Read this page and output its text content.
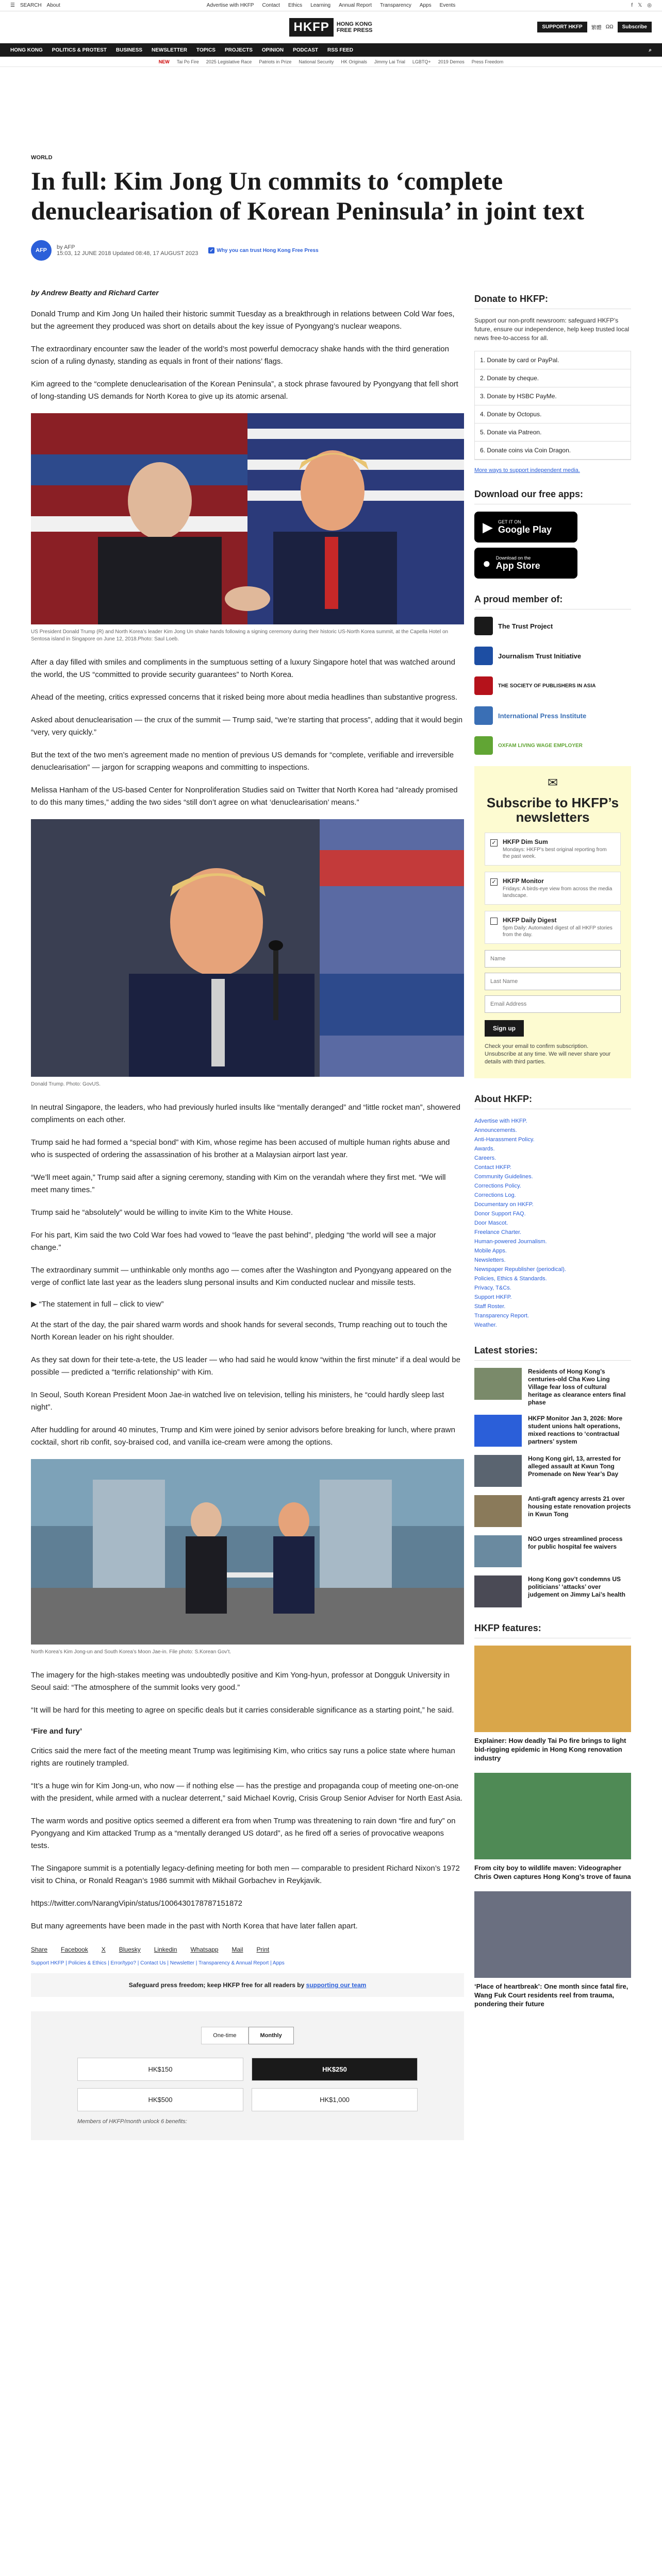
☰ SEARCH About	Advertise with HKFP Contact Ethics Learning Annual Report Transparency Apps Events	f 𝕏 ◎
HKFP	HONG KONG
FREE PRESS
SUPPORT HKFP	繁體 ΩΩ	Subscribe
HONG KONG POLITICS & PROTEST BUSINESS NEWSLETTER TOPICS PROJECTS OPINION PODCAST RSS FEED	⌕
NEW Tai Po Fire 2025 Legislative Race Patriots in Prize National Security HK Originals Jimmy Lai Trial LGBTQ+ 2019 Demos Press Freedom
WORLD
In full: Kim Jong Un commits to ‘complete denuclearisation of Korean Peninsula’ in joint text
AFP	by AFP
15:03, 12 JUNE 2018 Updated 08:48, 17 AUGUST 2023 ✓ Why you can trust Hong Kong Free Press
by Andrew Beatty and Richard Carter

Donald Trump and Kim Jong Un hailed their historic summit Tuesday as a breakthrough in relations between Cold War foes, but the agreement they produced was short on details about the key issue of Pyongyang’s nuclear weapons.

The extraordinary encounter saw the leader of the world’s most powerful democracy shake hands with the third generation scion of a ruling dynasty, standing as equals in front of their nations’ flags.

Kim agreed to the “complete denuclearisation of the Korean Peninsula”, a stock phrase favoured by Pyongyang that fell short of long-standing US demands for North Korea to give up its atomic arsenal.

US President Donald Trump (R) and North Korea’s leader Kim Jong Un shake hands following a signing ceremony during their historic US-North Korea summit, at the Capella Hotel on Sentosa island in Singapore on June 12, 2018.Photo: Saul Loeb.

After a day filled with smiles and compliments in the sumptuous setting of a luxury Singapore hotel that was watched around the world, the US “committed to provide security guarantees” to North Korea.

Ahead of the meeting, critics expressed concerns that it risked being more about media headlines than substantive progress.

Asked about denuclearisation — the crux of the summit — Trump said, “we’re starting that process”, adding that it would begin “very, very quickly.”

But the text of the two men’s agreement made no mention of previous US demands for “complete, verifiable and irreversible denuclearisation” — jargon for scrapping weapons and committing to inspections.

Melissa Hanham of the US-based Center for Nonproliferation Studies said on Twitter that North Korea had “already promised to do this many times,” adding the two sides “still don’t agree on what ‘denuclearisation’ means.”

Donald Trump. Photo: GovUS.

In neutral Singapore, the leaders, who had previously hurled insults like “mentally deranged” and “little rocket man”, showered compliments on each other.

Trump said he had formed a “special bond” with Kim, whose regime has been accused of multiple human rights abuse and who is suspected of ordering the assassination of his brother at a Malaysian airport last year.

“We’ll meet again,” Trump said after a signing ceremony, standing with Kim on the verandah where they first met. “We will meet many times.”

Trump said he “absolutely” would be willing to invite Kim to the White House.

For his part, Kim said the two Cold War foes had vowed to “leave the past behind”, pledging “the world will see a major change.”

The extraordinary summit — unthinkable only months ago — comes after the Washington and Pyongyang appeared on the verge of conflict late last year as the leaders slung personal insults and Kim conducted nuclear and missile tests.

▶ “The statement in full – click to view”

At the start of the day, the pair shared warm words and shook hands for several seconds, Trump reaching out to touch the North Korean leader on his right shoulder.

As they sat down for their tete-a-tete, the US leader — who had said he would know “within the first minute” if a deal would be possible — predicted a “terrific relationship” with Kim.

In Seoul, South Korean President Moon Jae-in watched live on television, telling his ministers, he “could hardly sleep last night”.

After huddling for around 40 minutes, Trump and Kim were joined by senior advisors before breaking for lunch, where prawn cocktail, short rib confit, soy-braised cod, and vanilla ice-cream were among the options.

North Korea’s Kim Jong-un and South Korea’s Moon Jae-in. File photo: S.Korean Gov’t.

The imagery for the high-stakes meeting was undoubtedly positive and Kim Yong-hyun, professor at Dongguk University in Seoul said: “The atmosphere of the summit looks very good.”

“It will be hard for this meeting to agree on specific deals but it carries considerable significance as a starting point,” he said.

‘Fire and fury’

Critics said the mere fact of the meeting meant Trump was legitimising Kim, who critics say runs a police state where human rights are routinely trampled.

“It’s a huge win for Kim Jong-un, who now — if nothing else — has the prestige and propaganda coup of meeting one-on-one with the president, while armed with a nuclear deterrent,” said Michael Kovrig, Crisis Group Senior Adviser for North East Asia.

The warm words and positive optics seemed a different era from when Trump was threatening to rain down “fire and fury” on Pyongyang and Kim attacked Trump as a “mentally deranged US dotard”, as he fired off a series of provocative weapons tests.

The Singapore summit is a potentially legacy-defining meeting for both men — comparable to president Richard Nixon’s 1972 visit to China, or Ronald Reagan’s 1986 summit with Mikhail Gorbachev in Reykjavik.

https://twitter.com/NarangVipin/status/1006430178787151872

But many agreements have been made in the past with North Korea that have later fallen apart.

Share Facebook X Bluesky Linkedin Whatsapp Mail Print
Support HKFP | Policies & Ethics | Error/typo? | Contact Us | Newsletter | Transparency & Annual Report | Apps
Safeguard press freedom; keep HKFP free for all readers by supporting our team
One-time	Monthly
HK$150	HK$250
HK$500	HK$1,000
Members of HKFP/month unlock 6 benefits:
Donate to HKFP:

Support our non-profit newsroom: safeguard HKFP’s future, ensure our independence, help keep trusted local news free-to-access for all.

1. Donate by card or PayPal.
2. Donate by cheque.
3. Donate by HSBC PayMe.
4. Donate by Octopus.
5. Donate via Patreon.
6. Donate coins via Coin Dragon.
More ways to support independent media.
Download our free apps:
▶ GET IT ON
Google Play
● Download on the
App Store
A proud member of:
The Trust Project
Journalism Trust Initiative
THE SOCIETY OF PUBLISHERS IN ASIA
International Press Institute
OXFAM LIVING WAGE EMPLOYER
✉
Subscribe to HKFP’s newsletters
✓ HKFP Dim Sum
Mondays: HKFP’s best original reporting from the past week.
✓ HKFP Monitor
Fridays: A birds-eye view from across the media landscape.
HKFP Daily Digest
5pm Daily: Automated digest of all HKFP stories from the day.
Name
Last Name
Email Address Sign up
Check your email to confirm subscription. Unsubscribe at any time. We will never share your details with third parties.
About HKFP:
Advertise with HKFP.
Announcements.
Anti-Harassment Policy.
Awards.
Careers.
Contact HKFP.
Community Guidelines.
Corrections Policy.
Corrections Log.
Documentary on HKFP.
Donor Support FAQ.
Door Mascot.
Freelance Charter.
Human-powered Journalism.
Mobile Apps.
Newsletters.
Newspaper Republisher (periodical).
Policies, Ethics & Standards.
Privacy, T&Cs.
Support HKFP.
Staff Roster.
Transparency Report.
Weather.
Latest stories:
Residents of Hong Kong’s centuries-old Cha Kwo Ling Village fear loss of cultural heritage as clearance enters final phase
HKFP Monitor Jan 3, 2026: More student unions halt operations, mixed reactions to ‘contractual partners’ system
Hong Kong girl, 13, arrested for alleged assault at Kwun Tong Promenade on New Year’s Day
Anti-graft agency arrests 21 over housing estate renovation projects in Kwun Tong
NGO urges streamlined process for public hospital fee waivers
Hong Kong gov’t condemns US politicians’ ‘attacks’ over judgement on Jimmy Lai’s health
HKFP features:
Explainer: How deadly Tai Po fire brings to light bid-rigging epidemic in Hong Kong renovation industry
From city boy to wildlife maven: Videographer Chris Owen captures Hong Kong’s trove of fauna
‘Place of heartbreak’: One month since fatal fire, Wang Fuk Court residents reel from trauma, pondering their future
